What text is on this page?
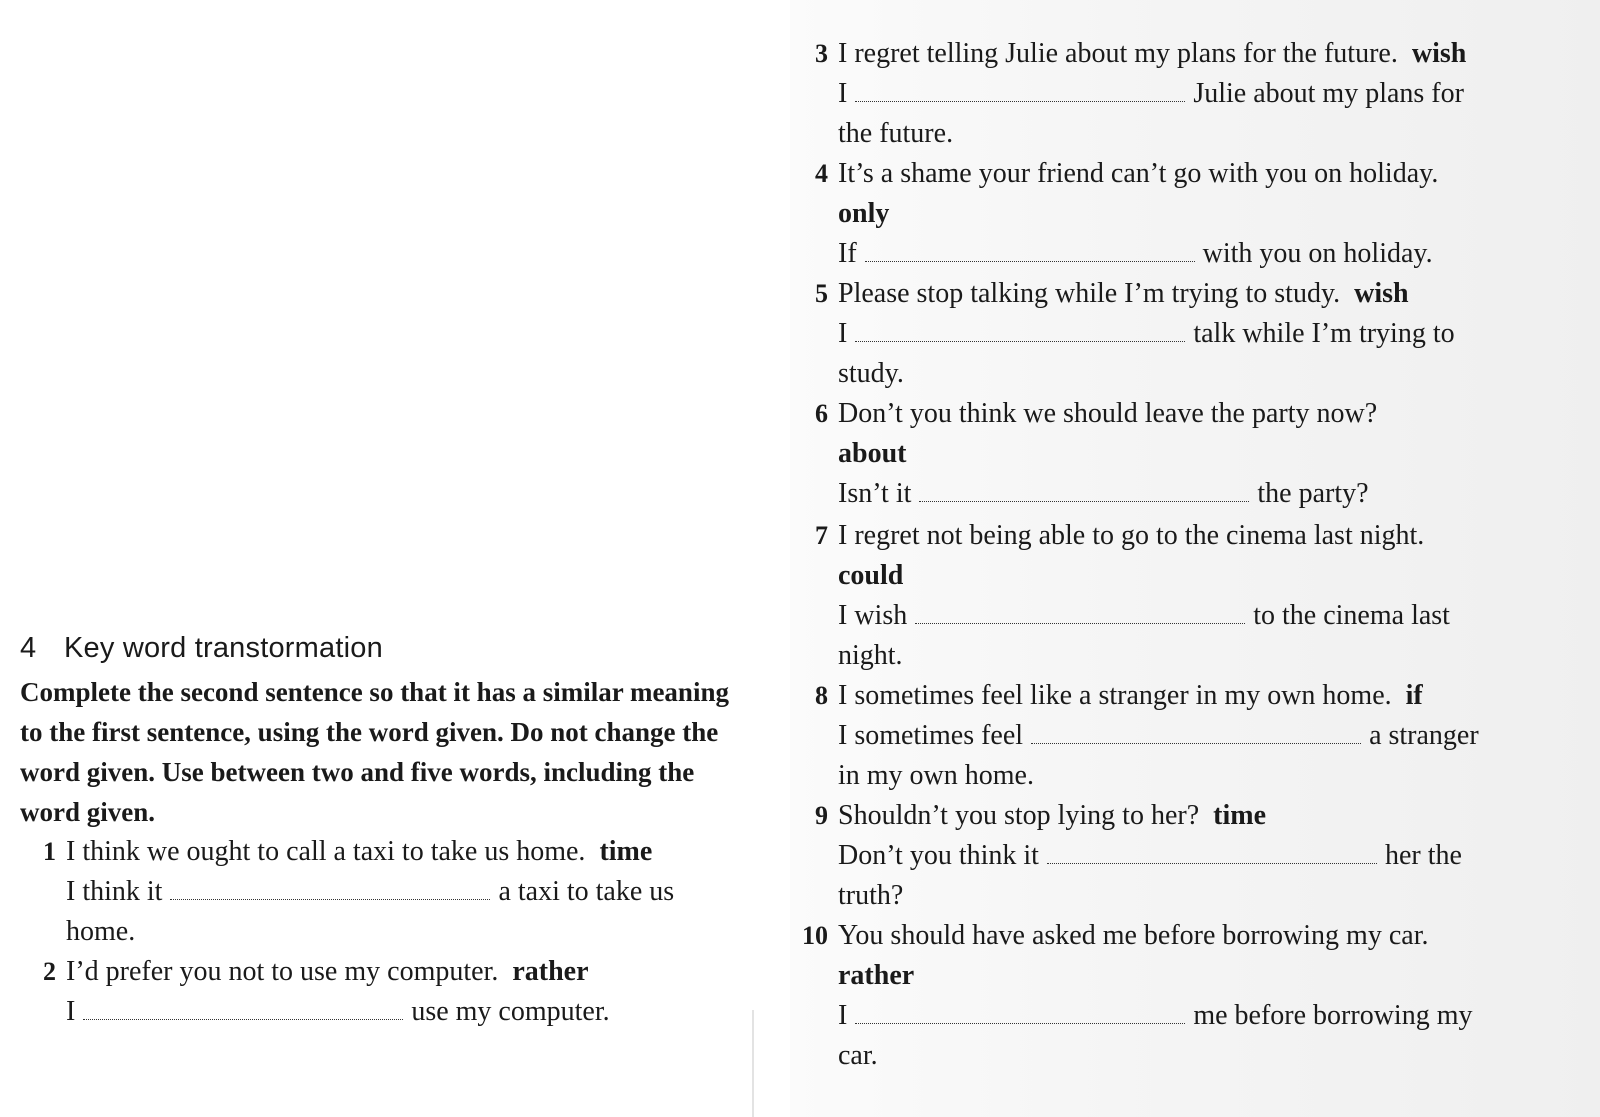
4 Key word transtormation

Complete the second sentence so that it has a similar meaning to the first sentence, using the word given. Do not change the word given. Use between two and five words, including the word given.

1 I think we ought to call a taxi to take us home. time
I think it	a taxi to take us
home.
2 I’d prefer you not to use my computer. rather
I	use my computer.
3 I regret telling Julie about my plans for the future. wish
I	Julie about my plans for
the future.
4 It’s a shame your friend can’t go with you on holiday.
only
If	with you on holiday.
5 Please stop talking while I’m trying to study. wish
I	talk while I’m trying to
study.
6 Don’t you think we should leave the party now?
about
Isn’t it	the party?
7 I regret not being able to go to the cinema last night.
could
I wish	to the cinema last
night.
8 I sometimes feel like a stranger in my own home. if
I sometimes feel	a stranger
in my own home.
9 Shouldn’t you stop lying to her? time
Don’t you think it	her the
truth?
10 You should have asked me before borrowing my car.
rather
I	me before borrowing my
car.
